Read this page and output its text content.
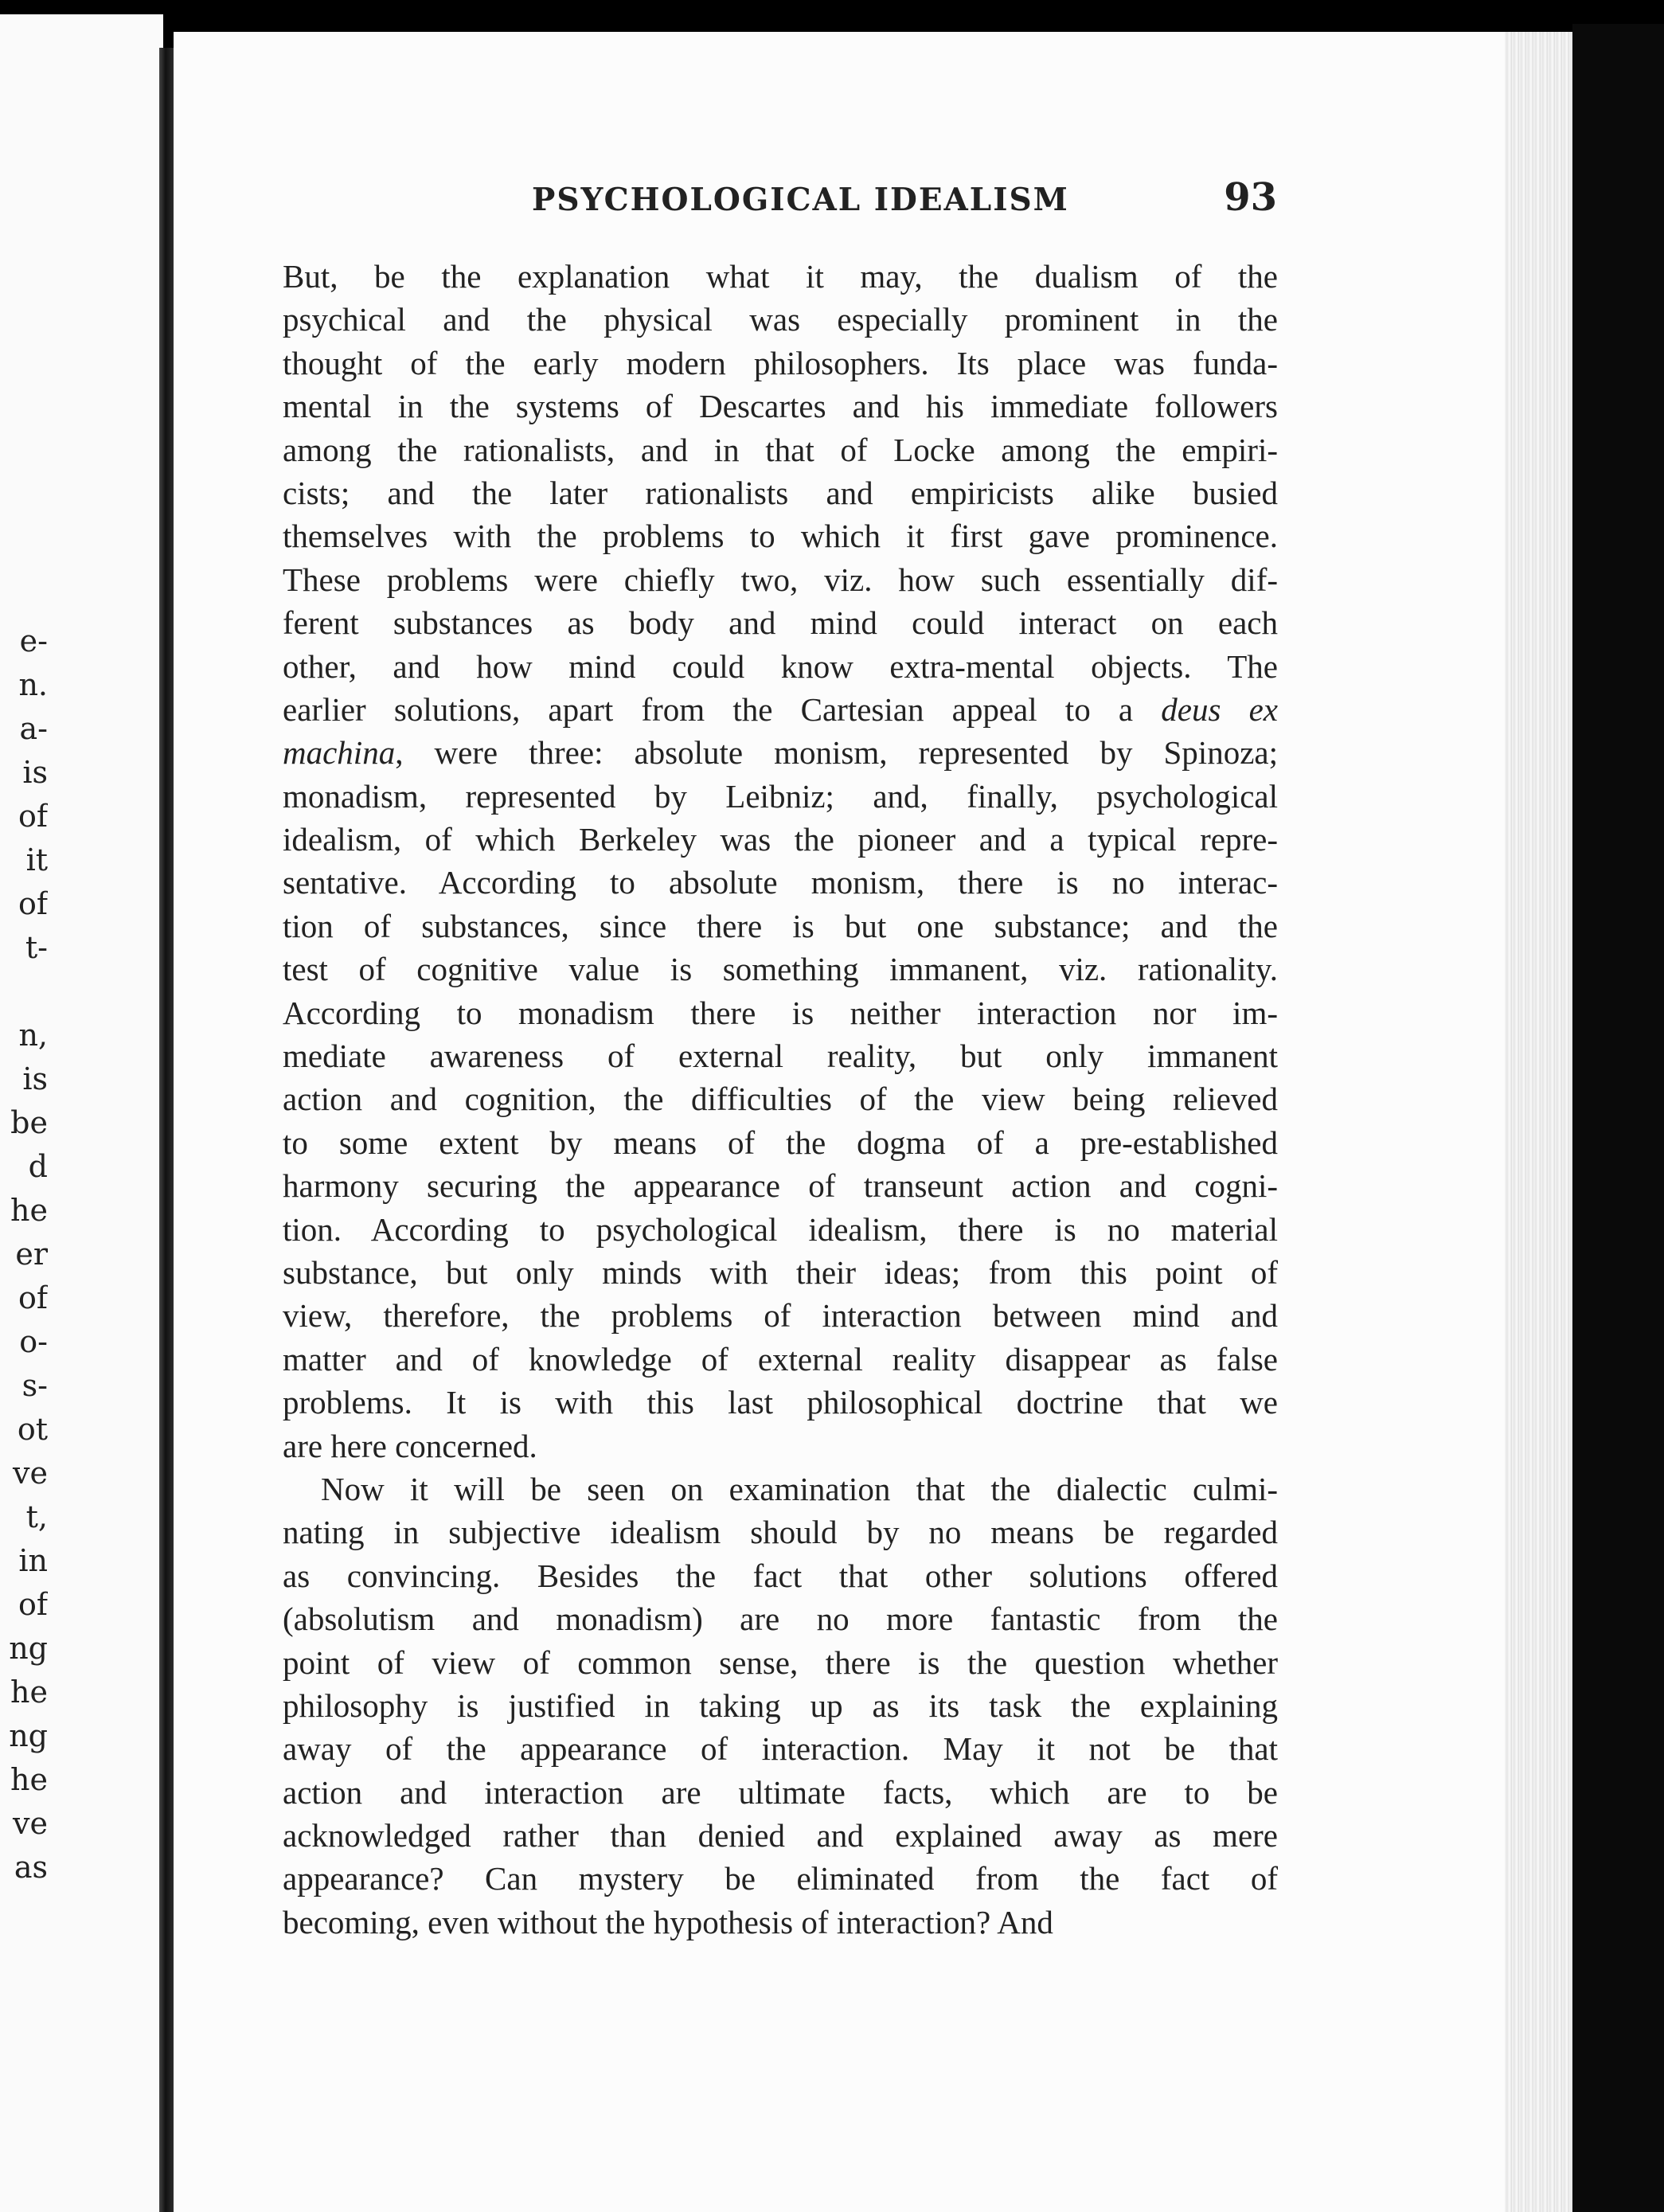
e-
n.
a-
is
of
it
of
t-
n,
is
be
d
he
er
of
o-
s-
ot
ve
t,
in
of
ng
he
ng
he
ve
as
PSYCHOLOGICAL IDEALISM	93
But, be the explanation what it may, the dualism of the
psychical and the physical was especially prominent in the
thought of the early modern philosophers. Its place was funda-
mental in the systems of Descartes and his immediate followers
among the rationalists, and in that of Locke among the empiri-
cists; and the later rationalists and empiricists alike busied
themselves with the problems to which it first gave prominence.
These problems were chiefly two, viz. how such essentially dif-
ferent substances as body and mind could interact on each
other, and how mind could know extra-mental objects. The
earlier solutions, apart from the Cartesian appeal to a deus ex
machina, were three: absolute monism, represented by Spinoza;
monadism, represented by Leibniz; and, finally, psychological
idealism, of which Berkeley was the pioneer and a typical repre-
sentative. According to absolute monism, there is no interac-
tion of substances, since there is but one substance; and the
test of cognitive value is something immanent, viz. rationality.
According to monadism there is neither interaction nor im-
mediate awareness of external reality, but only immanent
action and cognition, the difficulties of the view being relieved
to some extent by means of the dogma of a pre-established
harmony securing the appearance of transeunt action and cogni-
tion. According to psychological idealism, there is no material
substance, but only minds with their ideas; from this point of
view, therefore, the problems of interaction between mind and
matter and of knowledge of external reality disappear as false
problems. It is with this last philosophical doctrine that we
are here concerned.
Now it will be seen on examination that the dialectic culmi-
nating in subjective idealism should by no means be regarded
as convincing. Besides the fact that other solutions offered
(absolutism and monadism) are no more fantastic from the
point of view of common sense, there is the question whether
philosophy is justified in taking up as its task the explaining
away of the appearance of interaction. May it not be that
action and interaction are ultimate facts, which are to be
acknowledged rather than denied and explained away as mere
appearance? Can mystery be eliminated from the fact of
becoming, even without the hypothesis of interaction? And
